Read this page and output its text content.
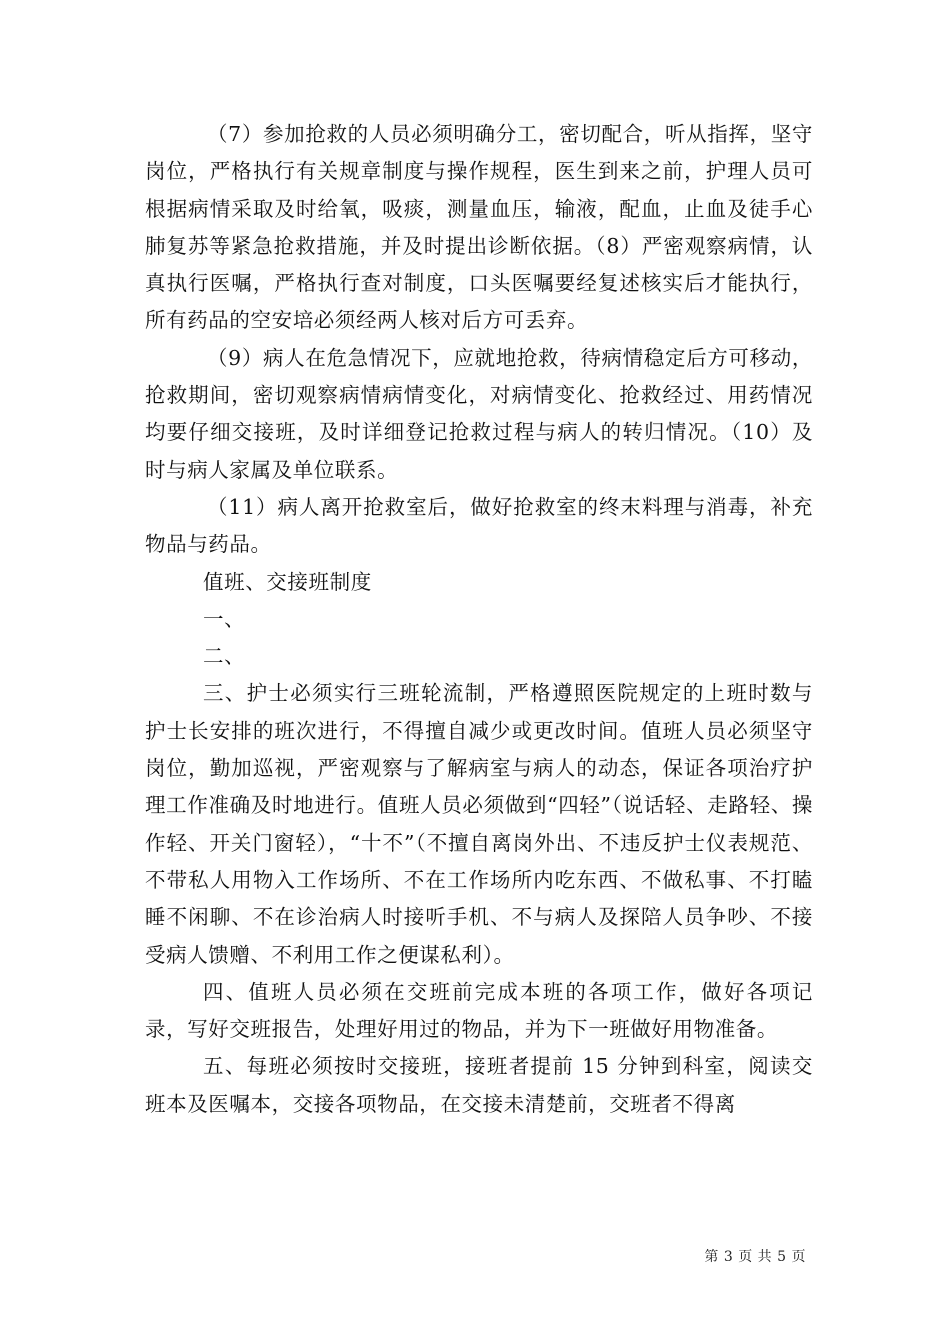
（7）参加抢救的人员必须明确分工，密切配合，听从指挥，坚守岗位，严格执行有关规章制度与操作规程，医生到来之前，护理人员可根据病情采取及时给氧，吸痰，测量血压，输液，配血，止血及徒手心肺复苏等紧急抢救措施，并及时提出诊断依据。（8）严密观察病情，认真执行医嘱，严格执行查对制度，口头医嘱要经复述核实后才能执行，所有药品的空安培必须经两人核对后方可丢弃。

（9）病人在危急情况下，应就地抢救，待病情稳定后方可移动，抢救期间，密切观察病情病情变化，对病情变化、抢救经过、用药情况均要仔细交接班，及时详细登记抢救过程与病人的转归情况。（10）及时与病人家属及单位联系。

（11）病人离开抢救室后，做好抢救室的终末料理与消毒，补充物品与药品。

值班、交接班制度

一、

二、

三、护士必须实行三班轮流制，严格遵照医院规定的上班时数与护士长安排的班次进行，不得擅自减少或更改时间。值班人员必须坚守岗位，勤加巡视，严密观察与了解病室与病人的动态，保证各项治疗护理工作准确及时地进行。值班人员必须做到“四轻”（说话轻、走路轻、操作轻、开关门窗轻），“十不”（不擅自离岗外出、不违反护士仪表规范、不带私人用物入工作场所、不在工作场所内吃东西、不做私事、不打瞌睡不闲聊、不在诊治病人时接听手机、不与病人及探陪人员争吵、不接受病人馈赠、不利用工作之便谋私利）。

四、值班人员必须在交班前完成本班的各项工作，做好各项记录，写好交班报告，处理好用过的物品，并为下一班做好用物准备。

五、每班必须按时交接班，接班者提前 15 分钟到科室，阅读交班本及医嘱本，交接各项物品，在交接未清楚前，交班者不得离

第 3 页 共 5 页
